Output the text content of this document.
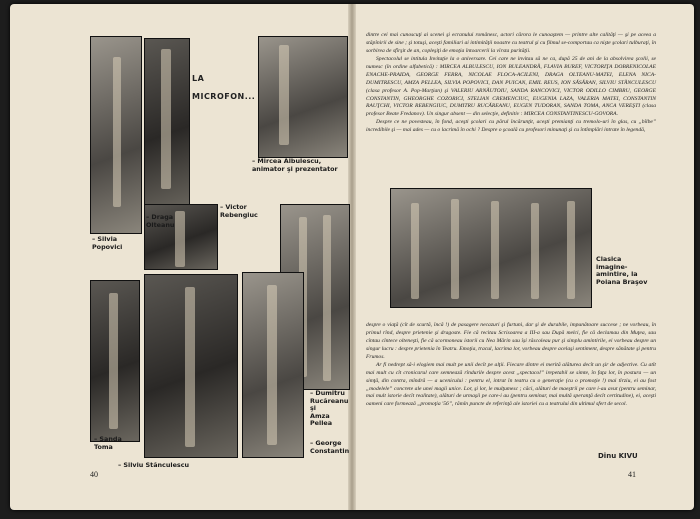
LA
MICROFON...
– Silvia
Popovici
– Draga
Olteanu
– Mircea Albulescu,
animator şi prezentator
– Victor
Rebengiuc
– Sanda
Toma
– Silviu Stănculescu
– Dumitru
Rucăreanu
şi
Amza
Pellea
– George
Constantin
40

dintre cei mai cunoscuţi ai scenei şi ecranului românesc, actori cărora le cunoaştem — printre alte calităţi — şi pe aceea a stăpînirii de sine ; şi totuşi, aceşti familiari ai intimităţii noastre cu teatrul şi cu filmul se-comportau ca nişte şcolari tulburaţi, în sorbirea de sfîrşit de an, copleşiţi de emoţia întoarcerii la vîrsta purităţii.

Spectacolul se intitula Invitaţie la o aniversare. Cei care ne invitau să ne ca, după 25 de ani de la absolvirea şcolii, se numesc (în ordine alfabetică) : MIRCEA ALBULESCU, ION BULEANDRĂ, FLAVIA BUREF, VICTORIŢA DOBRENICOLAE ENACHE-PRAIDA, GEORGE FERRA, NICOLAE FLOCA-ACILENI, DRAGA OLTEANU-MATEI, ELENA NICA-DUMITRESCU, AMZA PELLEA, SILVIA POPOVICI, DAN PUICAN, EMIL REUS, ION SĂSĂRAN, SILVIU STĂNCULESCU (clasa profesor A. Pop-Marţian) şi VALERIU ARNĂUTOIU, SANDA RANCOVICI, VICTOR ODILLO CIMBRU, GEORGE CONSTANTIN, GHEORGHE COZORICI, STELIAN CREMENCIUC, EUGENIA LAZA, VALERIA MATEI, CONSTANTIN RAUŢCHI, VICTOR REBENGIUC, DUMITRU RUCĂREANU, EUGEN TUDORAN, SANDA TOMA, ANCA VEREŞTI (clasa profesor Beate Fredanov). Un singur absent — din selecţie, definitiv : MIRCEA CONSTANTINESCU-GOVORA.

Despre ce ne povesteau, în fond, aceşti şcolari cu părul încărunţit, aceşti premianţi cu tremolo-uri în glas, cu „bîlbe” incredibile şi — mai ades — cu o lacrimă în ochi ? Despre o şcoală cu profesori minunaţi şi cu întîmplări intrate în legendă,

Clasica imagine-amintire, la Poiana Braşov

despre o viaţă (cît de scurtă, încă !) de pasagere necazuri şi furtuni, dar şi de durabile, impunătoare succese ; ne vorbeau, în primul rînd, despre prietenie şi dragoste. Fie că recitau Scrisoarea a III-a sau După melci, fie că declamau din Muţea, sau cîntau cîntece olteneşti, fie că scormoneau istorii cu Nea Mărin sau își răscoleau pur şi simplu amintirile, ei vorbeau despre un singur lucru : despre prietenia în Teatru. Emoţia, tracul, lacrima lor, vorbeau despre acelaşi sentiment, despre sănătate şi pentru Frumos.

Ar fi nedrept să-i elogiem mai mult pe unii decît pe alţii. Fiecare dintre ei merită alăturea decît un şir de adjective. Cu atît mai mult cu cît cronicarul care semnează rîndurile despre acest „spectacol” irepetabil se simte, în faţa lor, în postura — un simţă, din contra, mîndră — a ucenicului : pentru el, intrat în teatru cu o generaţie (cu o promoţie !) mai tîrziu, ei au fost „modelele” concrete ale unei magii unice. Lor, şi lor, le mulţumesc ; căci, alături de maeştrii pe care i-au avut (pentru seminar, mai mult istorie decît realitate), alături de urmaşii pe care-i au (pentru seminar, mai multă speranţă decît certitudine), ei, aceşti oameni care formează „promoţia '56”, rămîn puncte de referinţă ale istoriei cu a teatrului din ultimul sfert de secol.

Dinu KIVU
41
